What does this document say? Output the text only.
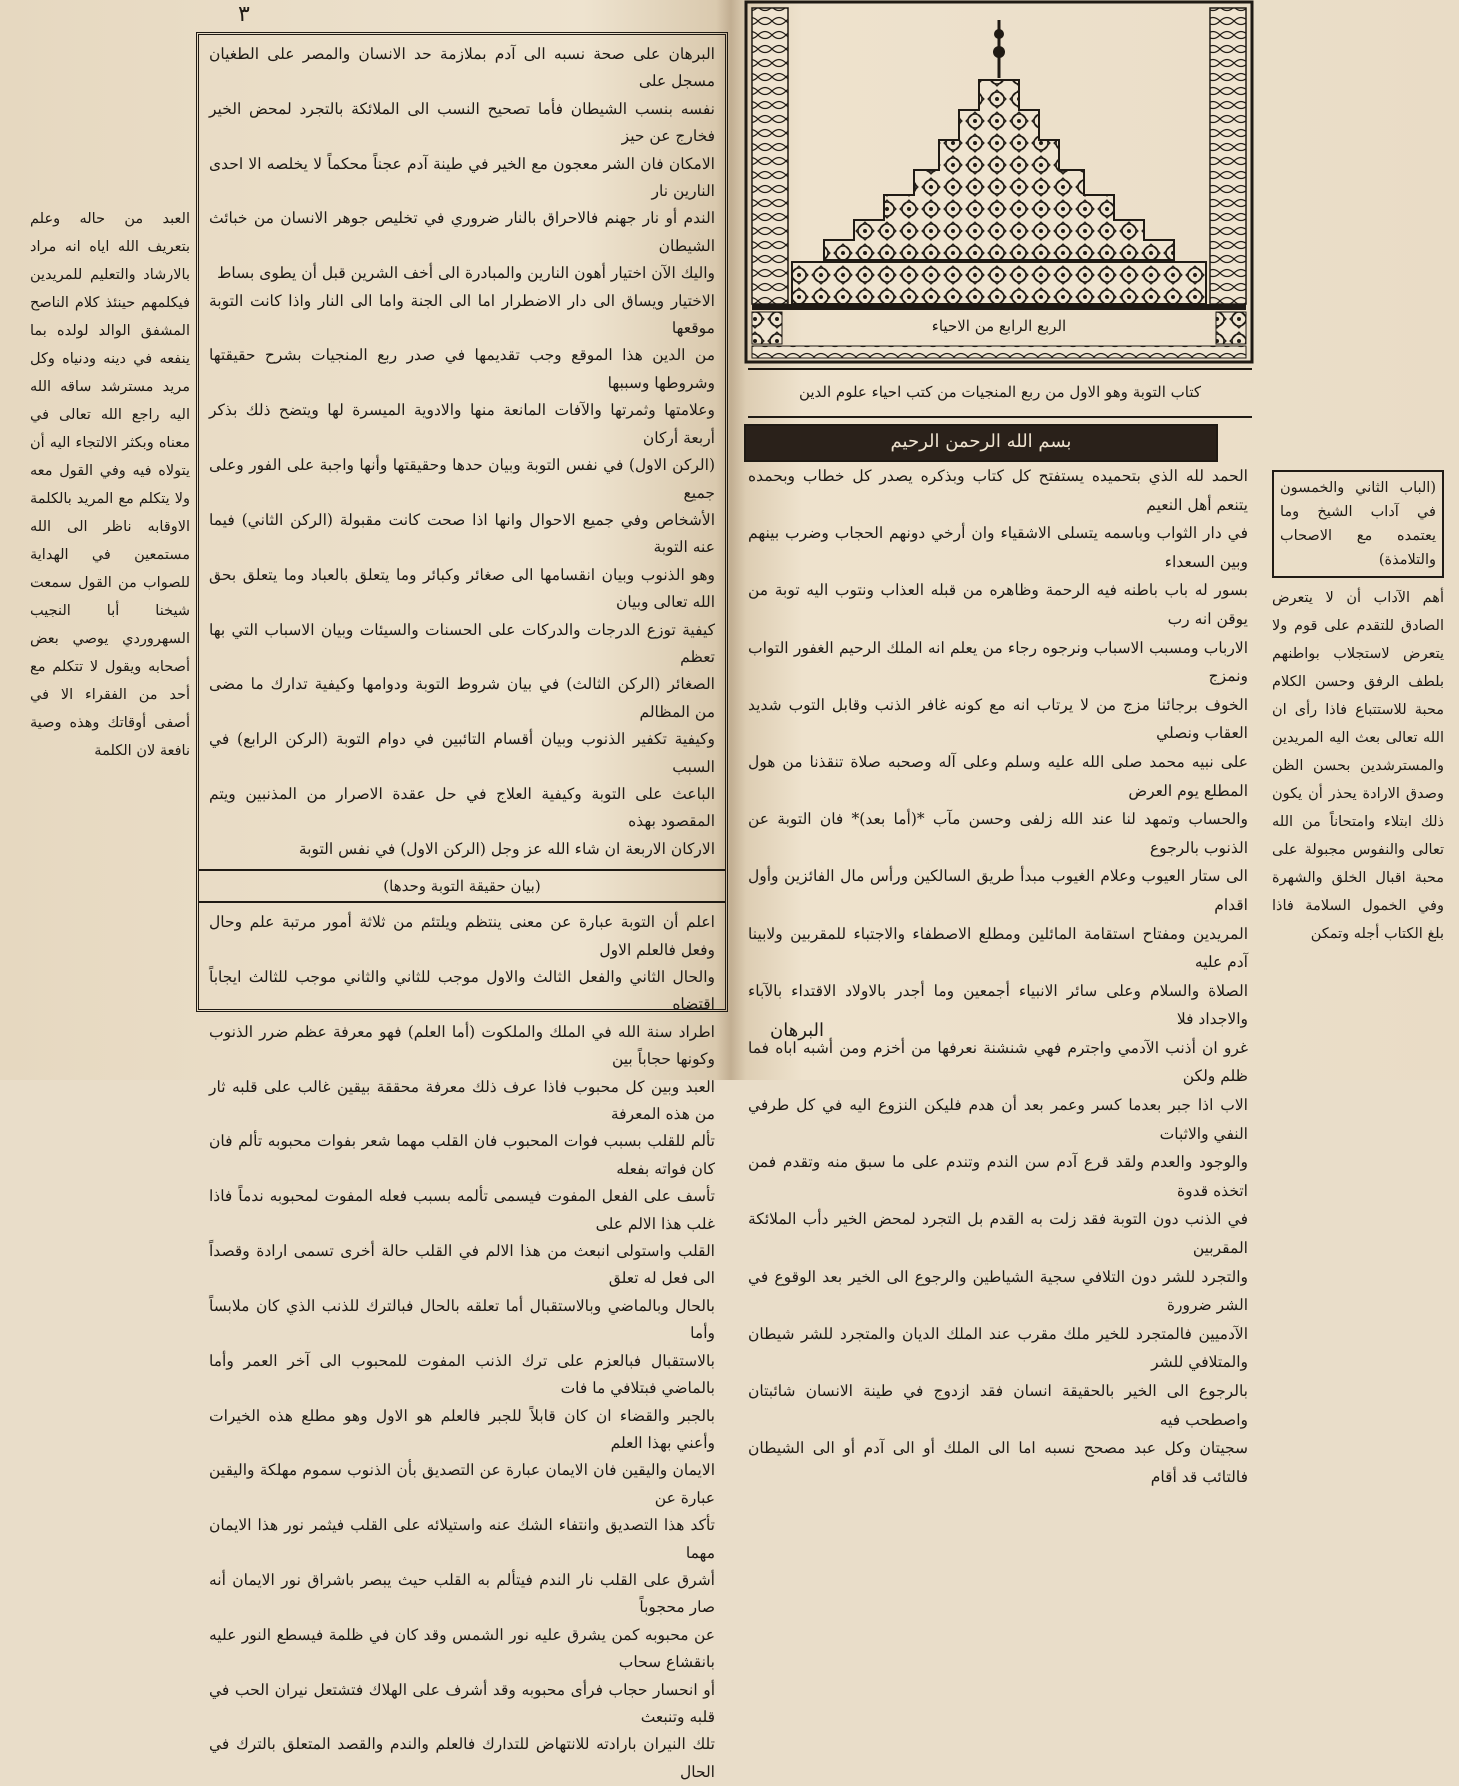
٣
العبد من حاله وعلم بتعريف الله اياه انه مراد بالارشاد والتعليم للمريدين فيكلمهم حينئذ كلام الناصح المشفق الوالد لولده بما ينفعه في دينه ودنياه وكل مريد مسترشد ساقه الله اليه راجع الله تعالى في معناه وبكثر الالتجاء اليه أن يتولاه فيه وفي القول معه ولا يتكلم مع المريد بالكلمة الاوقابه ناظر الى الله مستمعين في الهداية للصواب من القول سمعت شيخنا أبا النجيب السهروردي يوصي بعض أصحابه ويقول لا تتكلم مع أحد من الفقراء الا في أصفى أوقاتك وهذه وصية نافعة لان الكلمة
البرهان على صحة نسبه الى آدم بملازمة حد الانسان والمصر على الطغيان مسجل على
نفسه بنسب الشيطان فأما تصحيح النسب الى الملائكة بالتجرد لمحض الخير فخارج عن حيز
الامكان فان الشر معجون مع الخير في طينة آدم عجناً محكماً لا يخلصه الا احدى النارين نار
الندم أو نار جهنم فالاحراق بالنار ضروري في تخليص جوهر الانسان من خبائث الشيطان
واليك الآن اختيار أهون النارين والمبادرة الى أخف الشرين قبل أن يطوى بساط
الاختيار ويساق الى دار الاضطرار اما الى الجنة واما الى النار واذا كانت التوبة موقعها
من الدين هذا الموقع وجب تقديمها في صدر ربع المنجيات بشرح حقيقتها وشروطها وسببها
وعلامتها وثمرتها والآفات المانعة منها والادوية الميسرة لها ويتضح ذلك بذكر أربعة أركان
(الركن الاول) في نفس التوبة وبيان حدها وحقيقتها وأنها واجبة على الفور وعلى جميع
الأشخاص وفي جميع الاحوال وانها اذا صحت كانت مقبولة (الركن الثاني) فيما عنه التوبة
وهو الذنوب وبيان انقسامها الى صغائر وكبائر وما يتعلق بالعباد وما يتعلق بحق الله تعالى وبيان
كيفية توزع الدرجات والدركات على الحسنات والسيئات وبيان الاسباب التي بها تعظم
الصغائر (الركن الثالث) في بيان شروط التوبة ودوامها وكيفية تدارك ما مضى من المظالم
وكيفية تكفير الذنوب وبيان أقسام التائبين في دوام التوبة (الركن الرابع) في السبب
الباعث على التوبة وكيفية العلاج في حل عقدة الاصرار من المذنبين ويتم المقصود بهذه
الاركان الاربعة ان شاء الله عز وجل (الركن الاول) في نفس التوبة
(بيان حقيقة التوبة وحدها)
اعلم أن التوبة عبارة عن معنى ينتظم ويلتئم من ثلاثة أمور مرتبة علم وحال وفعل فالعلم الاول
والحال الثاني والفعل الثالث والاول موجب للثاني والثاني موجب للثالث ايجاباً اقتضاه
اطراد سنة الله في الملك والملكوت (أما العلم) فهو معرفة عظم ضرر الذنوب وكونها حجاباً بين
العبد وبين كل محبوب فاذا عرف ذلك معرفة محققة بيقين غالب على قلبه ثار من هذه المعرفة
تألم للقلب بسبب فوات المحبوب فان القلب مهما شعر بفوات محبوبه تألم فان كان فواته بفعله
تأسف على الفعل المفوت فيسمى تألمه بسبب فعله المفوت لمحبوبه ندماً فاذا غلب هذا الالم على
القلب واستولى انبعث من هذا الالم في القلب حالة أخرى تسمى ارادة وقصداً الى فعل له تعلق
بالحال وبالماضي وبالاستقبال أما تعلقه بالحال فبالترك للذنب الذي كان ملابساً وأما
بالاستقبال فبالعزم على ترك الذنب المفوت للمحبوب الى آخر العمر وأما بالماضي فبتلافي ما فات
بالجبر والقضاء ان كان قابلاً للجبر فالعلم هو الاول وهو مطلع هذه الخيرات وأعني بهذا العلم
الايمان واليقين فان الايمان عبارة عن التصديق بأن الذنوب سموم مهلكة واليقين عبارة عن
تأكد هذا التصديق وانتفاء الشك عنه واستيلائه على القلب فيثمر نور هذا الايمان مهما
أشرق على القلب نار الندم فيتألم به القلب حيث يبصر باشراق نور الايمان أنه صار محجوباً
عن محبوبه كمن يشرق عليه نور الشمس وقد كان في ظلمة فيسطع النور عليه بانقشاع سحاب
أو انحسار حجاب فرأى محبوبه وقد أشرف على الهلاك فتشتعل نيران الحب في قلبه وتنبعث
تلك النيران بارادته للانتهاض للتدارك فالعلم والندم والقصد المتعلق بالترك في الحال
الربع الرابع من الاحياء
كتاب التوبة وهو الاول من ربع المنجيات من كتب احياء علوم الدين
بسم الله الرحمن الرحيم
الحمد لله الذي بتحميده يستفتح كل كتاب وبذكره يصدر كل خطاب وبحمده يتنعم أهل النعيم
في دار الثواب وباسمه يتسلى الاشقياء وان أرخي دونهم الحجاب وضرب بينهم وبين السعداء
بسور له باب باطنه فيه الرحمة وظاهره من قبله العذاب ونتوب اليه توبة من يوقن انه رب
الارباب ومسبب الاسباب ونرجوه رجاء من يعلم انه الملك الرحيم الغفور التواب ونمزج
الخوف برجائنا مزج من لا يرتاب انه مع كونه غافر الذنب وقابل التوب شديد العقاب ونصلي
على نبيه محمد صلى الله عليه وسلم وعلى آله وصحبه صلاة تنقذنا من هول المطلع يوم العرض
والحساب وتمهد لنا عند الله زلفى وحسن مآب *(أما بعد)* فان التوبة عن الذنوب بالرجوع
الى ستار العيوب وعلام الغيوب مبدأ طريق السالكين ورأس مال الفائزين وأول اقدام
المريدين ومفتاح استقامة المائلين ومطلع الاصطفاء والاجتباء للمقربين ولابينا آدم عليه
الصلاة والسلام وعلى سائر الانبياء أجمعين وما أجدر بالاولاد الاقتداء بالآباء والاجداد فلا
غرو ان أذنب الآدمي واجترم فهي شنشنة نعرفها من أخزم ومن أشبه اباه فما ظلم ولكن
الاب اذا جبر بعدما كسر وعمر بعد أن هدم فليكن النزوع اليه في كل طرفي النفي والاثبات
والوجود والعدم ولقد قرع آدم سن الندم وتندم على ما سبق منه وتقدم فمن اتخذه قدوة
في الذنب دون التوبة فقد زلت به القدم بل التجرد لمحض الخير دأب الملائكة المقربين
والتجرد للشر دون التلافي سجية الشياطين والرجوع الى الخير بعد الوقوع في الشر ضرورة
الآدميين فالمتجرد للخير ملك مقرب عند الملك الديان والمتجرد للشر شيطان والمتلافي للشر
بالرجوع الى الخير بالحقيقة انسان فقد ازدوج في طينة الانسان شائبتان واصطحب فيه
سجيتان وكل عبد مصحح نسبه اما الى الملك أو الى آدم أو الى الشيطان فالتائب قد أقام
(الباب الثاني والخمسون في آداب الشيخ وما يعتمده مع الاصحاب والتلامذة)
أهم الآداب أن لا يتعرض الصادق للتقدم على قوم ولا يتعرض لاستجلاب بواطنهم بلطف الرفق وحسن الكلام محبة للاستتباع فاذا رأى ان الله تعالى بعث اليه المريدين والمسترشدين بحسن الظن وصدق الارادة يحذر أن يكون ذلك ابتلاء وامتحاناً من الله تعالى والنفوس مجبولة على محبة اقبال الخلق والشهرة وفي الخمول السلامة فاذا بلغ الكتاب أجله وتمكن
البرهان
